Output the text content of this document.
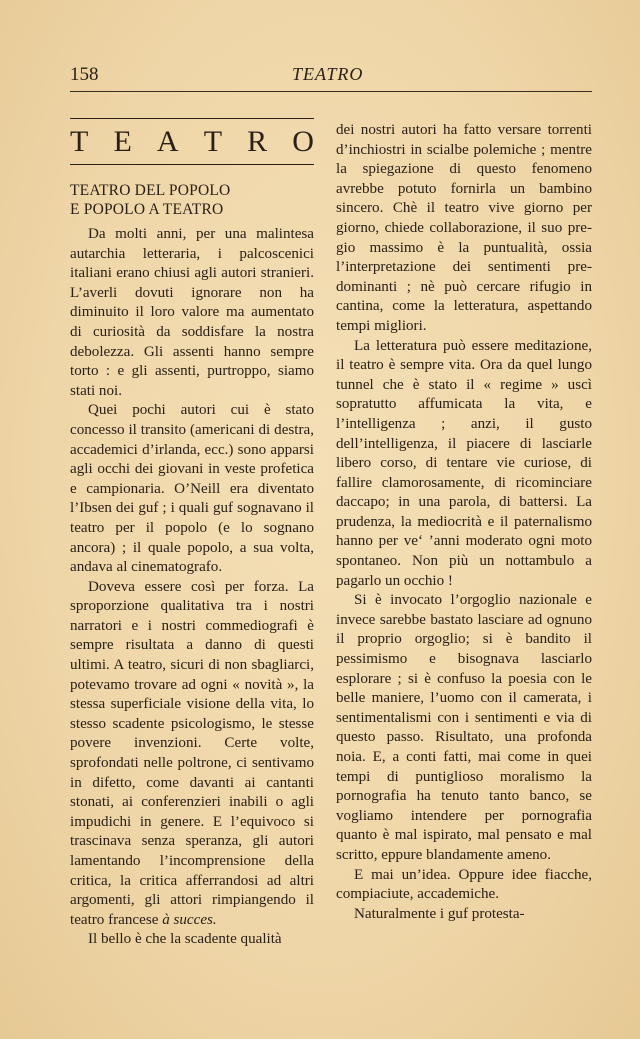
158	TEATRO
T E A T R O
TEATRO DEL POPOLO
E POPOLO A TEATRO

Da molti anni, per una malintesa autarchia letteraria, i palcoscenici italiani erano chiusi agli autori stranieri. L’averli dovuti ignorare non ha diminuito il loro valore ma aumentato di curiosità da soddisfare la nostra debolezza. Gli assenti hanno sempre torto : e gli assenti, purtroppo, siamo stati noi.

Quei pochi autori cui è stato concesso il transito (americani di destra, accademici d’irlanda, ecc.) sono apparsi agli occhi dei giovani in veste profetica e campionaria. O’Neill era diventato l’Ibsen dei guf ; i quali guf sognavano il teatro per il popolo (e lo sognano ancora) ; il quale popolo, a sua volta, andava al cinematografo.

Doveva essere così per forza. La sproporzione qualitativa tra i nostri narratori e i nostri commediografi è sempre risultata a danno di questi ultimi. A teatro, sicuri di non sbagliarci, potevamo trovare ad ogni « novità », la stessa superficiale visione della vita, lo stesso scadente psicologismo, le stesse povere invenzioni. Certe volte, sprofondati nelle poltrone, ci sentivamo in difetto, come davanti ai cantanti stonati, ai conferenzieri inabili o agli impudichi in genere. E l’equivoco si trascinava senza speranza, gli autori lamentando l’incomprensione della critica, la critica afferrandosi ad altri argomenti, gli attori rimpiangendo il teatro francese à succes.

Il bello è che la scadente qualità

dei nostri autori ha fatto versare torrenti d’inchiostri in scialbe polemiche ; mentre la spiegazione di questo fenomeno avrebbe potuto fornirla un bambino sincero. Chè il teatro vive giorno per giorno, chiede collaborazione, il suo pregio massimo è la puntualità, ossia l’interpretazione dei sentimenti predominanti ; nè può cercare rifugio in cantina, come la letteratura, aspettando tempi migliori.

La letteratura può essere meditazione, il teatro è sempre vita. Ora da quel lungo tunnel che è stato il « regime » uscì sopratutto affumicata la vita, e l’intelligenza ; anzi, il gusto dell’intelligenza, il piacere di lasciarle libero corso, di tentare vie curiose, di fallire clamorosamente, di ricominciare daccapo; in una parola, di battersi. La prudenza, la mediocrità e il paternalismo hanno per veʻ ’anni moderato ogni moto spontaneo. Non più un nottambulo a pagarlo un occhio !

Si è invocato l’orgoglio nazionale e invece sarebbe bastato lasciare ad ognuno il proprio orgoglio; si è bandito il pessimismo e bisognava lasciarlo esplorare ; si è confuso la poesia con le belle maniere, l’uomo con il camerata, i sentimentalismi con i sentimenti e via di questo passo. Risultato, una profonda noia. E, a conti fatti, mai come in quei tempi di puntiglioso moralismo la pornografia ha tenuto tanto banco, se vogliamo intendere per pornografia quanto è mal ispirato, mal pensato e mal scritto, eppure blandamente ameno.

E mai un’idea. Oppure idee fiacche, compiaciute, accademiche.

Naturalmente i guf protesta-
